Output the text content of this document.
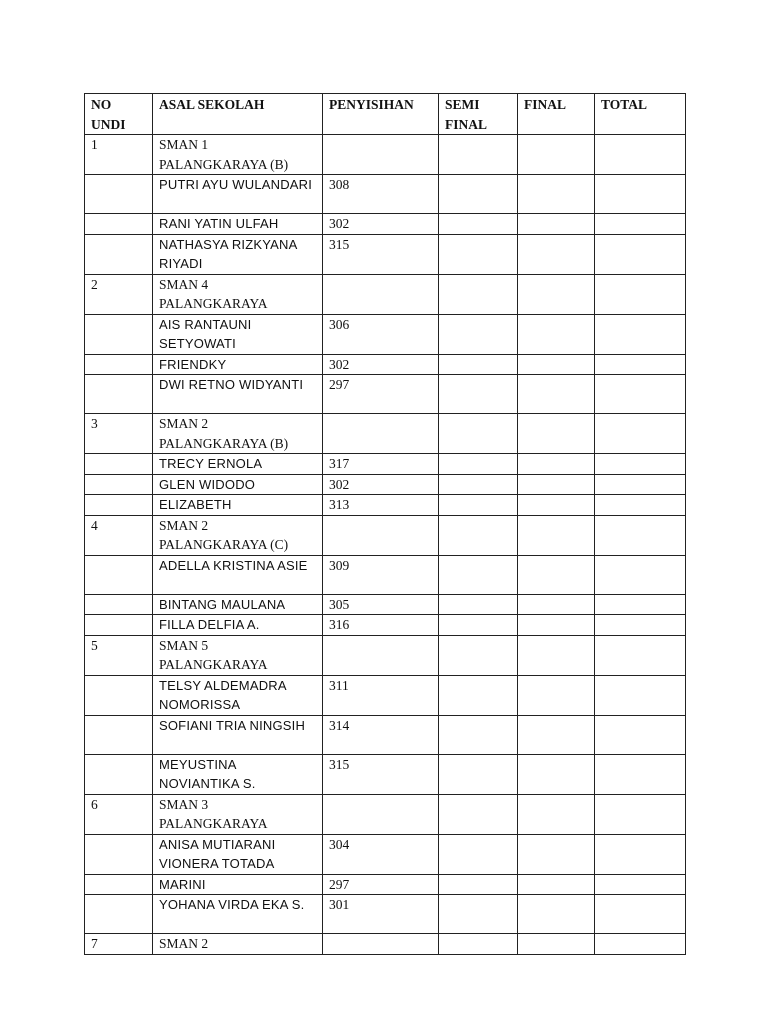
NO UNDI	ASAL SEKOLAH	PENYISIHAN	SEMI FINAL	FINAL	TOTAL
1	SMAN 1 PALANGKARAYA (B)				
	PUTRI AYU WULANDARI	308			
	RANI YATIN ULFAH	302			
	NATHASYA RIZKYANA RIYADI	315			
2	SMAN 4 PALANGKARAYA				
	AIS RANTAUNI SETYOWATI	306			
	FRIENDKY	302			
	DWI RETNO WIDYANTI	297			
3	SMAN 2 PALANGKARAYA (B)				
	TRECY ERNOLA	317			
	GLEN WIDODO	302			
	ELIZABETH	313			
4	SMAN 2 PALANGKARAYA (C)				
	ADELLA KRISTINA ASIE	309			
	BINTANG MAULANA	305			
	FILLA DELFIA A.	316			
5	SMAN 5 PALANGKARAYA				
	TELSY ALDEMADRA NOMORISSA	311			
	SOFIANI TRIA NINGSIH	314			
	MEYUSTINA NOVIANTIKA S.	315			
6	SMAN 3 PALANGKARAYA				
	ANISA MUTIARANI VIONERA TOTADA	304			
	MARINI	297			
	YOHANA VIRDA EKA S.	301			
7	SMAN 2				
